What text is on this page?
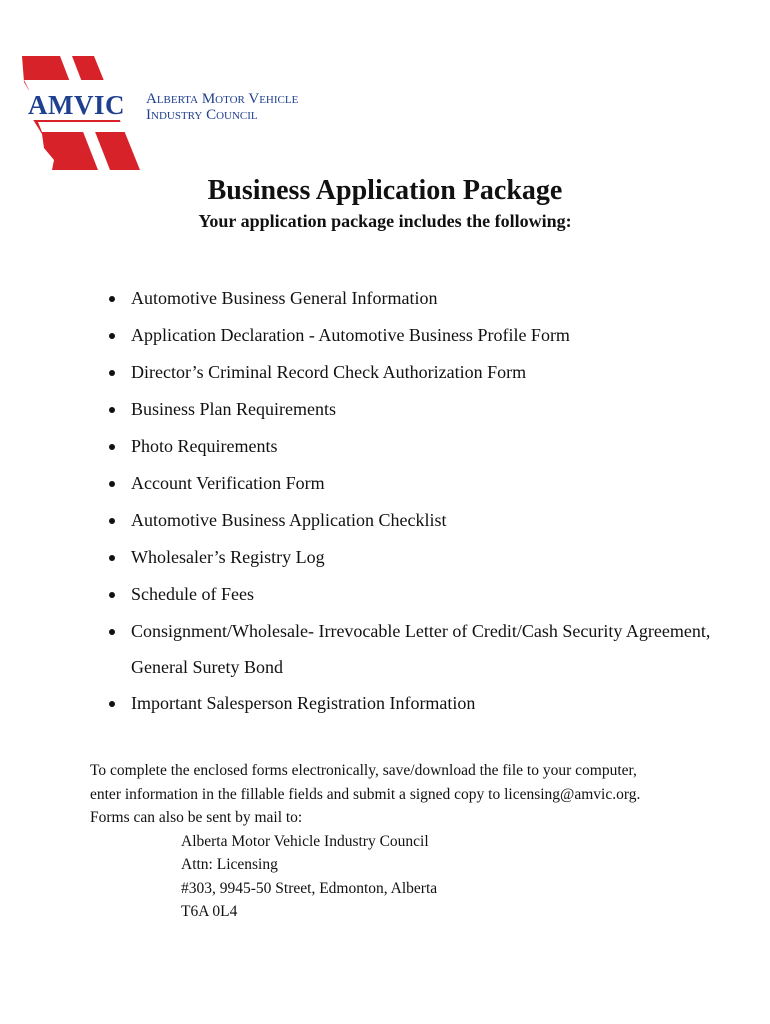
AMVIC Alberta Motor Vehicle
Industry Council
Business Application Package
Your application package includes the following:
Automotive Business General Information
Application Declaration - Automotive Business Profile Form
Director’s Criminal Record Check Authorization Form
Business Plan Requirements
Photo Requirements
Account Verification Form
Automotive Business Application Checklist
Wholesaler’s Registry Log
Schedule of Fees
Consignment/Wholesale- Irrevocable Letter of Credit/Cash Security Agreement, General Surety Bond
Important Salesperson Registration Information

To complete the enclosed forms electronically, save/download the file to your computer,

enter information in the fillable fields and submit a signed copy to licensing@amvic.org.

Forms can also be sent by mail to:

Alberta Motor Vehicle Industry Council
Attn: Licensing
#303, 9945-50 Street, Edmonton, Alberta
T6A 0L4
